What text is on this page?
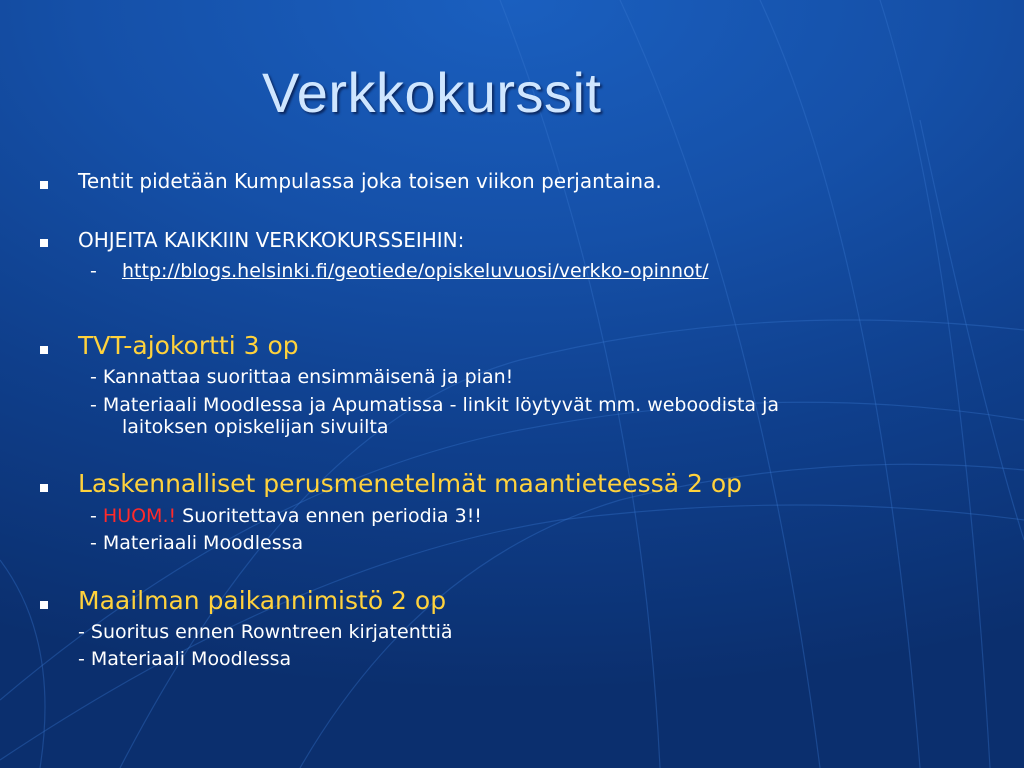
Verkkokurssit
Tentit pidetään Kumpulassa joka toisen viikon perjantaina.
OHJEITA KAIKKIIN VERKKOKURSSEIHIN:
- http://blogs.helsinki.fi/geotiede/opiskeluvuosi/verkko-opinnot/
TVT-ajokortti 3 op
- Kannattaa suorittaa ensimmäisenä ja pian!
- Materiaali Moodlessa ja Apumatissa - linkit löytyvät mm. weboodista ja
laitoksen opiskelijan sivuilta
Laskennalliset perusmenetelmät maantieteessä 2 op
- HUOM.! Suoritettava ennen periodia 3!!
- Materiaali Moodlessa
Maailman paikannimistö 2 op
- Suoritus ennen Rowntreen kirjatenttiä
- Materiaali Moodlessa
